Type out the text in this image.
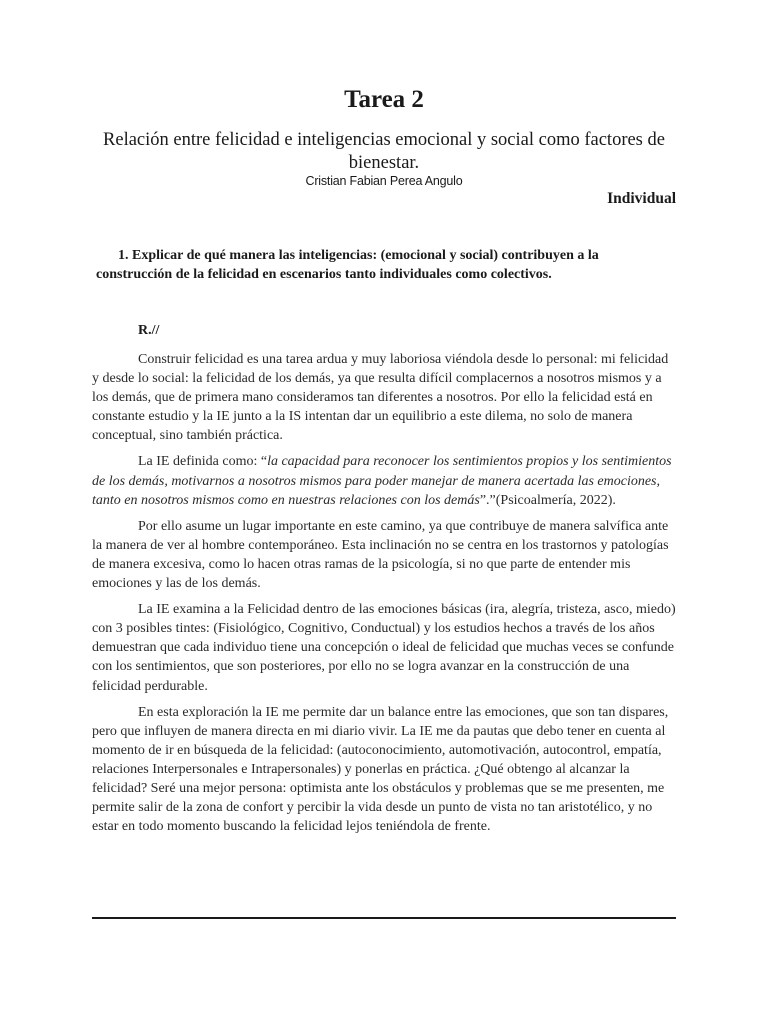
Tarea 2

Relación entre felicidad e inteligencias emocional y social como factores de bienestar.

Cristian Fabian Perea Angulo

Individual

1. Explicar de qué manera las inteligencias: (emocional y social) contribuyen a la construcción de la felicidad en escenarios tanto individuales como colectivos.

R.//

Construir felicidad es una tarea ardua y muy laboriosa viéndola desde lo personal: mi felicidad y desde lo social: la felicidad de los demás, ya que resulta difícil complacernos a nosotros mismos y a los demás, que de primera mano consideramos tan diferentes a nosotros. Por ello la felicidad está en constante estudio y la IE junto a la IS intentan dar un equilibrio a este dilema, no solo de manera conceptual, sino también práctica.

La IE definida como: “la capacidad para reconocer los sentimientos propios y los sentimientos de los demás, motivarnos a nosotros mismos para poder manejar de manera acertada las emociones, tanto en nosotros mismos como en nuestras relaciones con los demás”.”(Psicoalmería, 2022).

Por ello asume un lugar importante en este camino, ya que contribuye de manera salvífica ante la manera de ver al hombre contemporáneo. Esta inclinación no se centra en los trastornos y patologías de manera excesiva, como lo hacen otras ramas de la psicología, si no que parte de entender mis emociones y las de los demás.

La IE examina a la Felicidad dentro de las emociones básicas (ira, alegría, tristeza, asco, miedo) con 3 posibles tintes: (Fisiológico, Cognitivo, Conductual) y los estudios hechos a través de los años demuestran que cada individuo tiene una concepción o ideal de felicidad que muchas veces se confunde con los sentimientos, que son posteriores, por ello no se logra avanzar en la construcción de una felicidad perdurable.

En esta exploración la IE me permite dar un balance entre las emociones, que son tan dispares, pero que influyen de manera directa en mi diario vivir. La IE me da pautas que debo tener en cuenta al momento de ir en búsqueda de la felicidad: (autoconocimiento, automotivación, autocontrol, empatía, relaciones Interpersonales e Intrapersonales) y ponerlas en práctica. ¿Qué obtengo al alcanzar la felicidad? Seré una mejor persona: optimista ante los obstáculos y problemas que se me presenten, me permite salir de la zona de confort y percibir la vida desde un punto de vista no tan aristotélico, y no estar en todo momento buscando la felicidad lejos teniéndola de frente.
